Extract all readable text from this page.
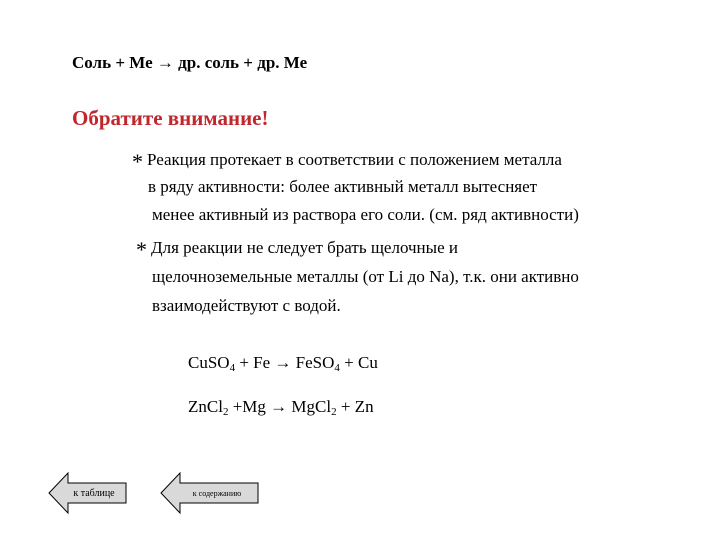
Соль + Ме → др. соль + др. Ме
Обратите внимание!
* Реакция протекает в соответствии с положением металла
в ряду активности: более активный металл вытесняет
менее активный из раствора его соли. (см. ряд активности)
* Для реакции не следует брать щелочные и
щелочноземельные металлы (от Li до Na), т.к. они активно
взаимодействуют с водой.
CuSO$_4$ + Fe → FeSO$_4$ + Cu
ZnCl$_2$ +Mg → MgCl$_2$ + Zn
к таблице	к содержанию
